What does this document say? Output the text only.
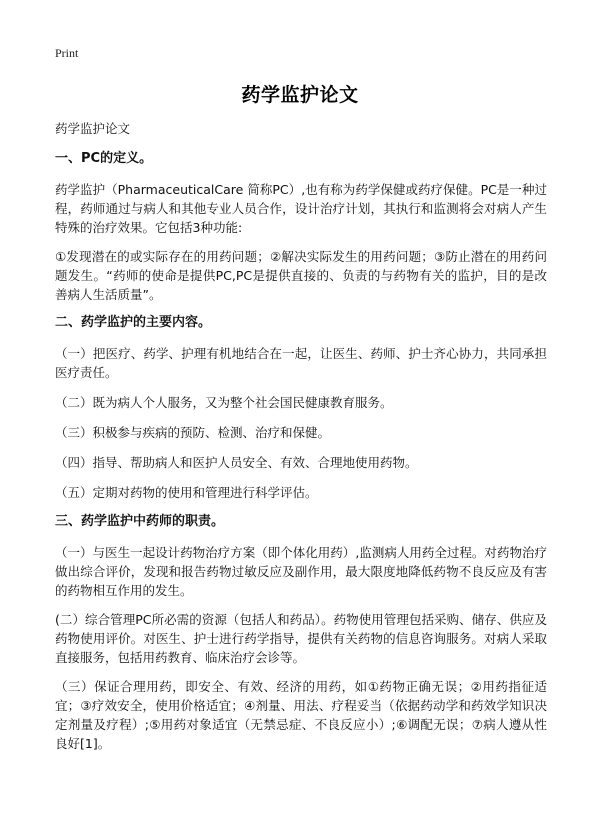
Print
药学监护论文
药学监护论文
一、PC的定义。

药学监护（PharmaceuticalCare 简称PC）,也有称为药学保健或药疗保健。PC是一种过程，药师通过与病人和其他专业人员合作，设计治疗计划，其执行和监测将会对病人产生特殊的治疗效果。它包括3种功能:

①发现潜在的或实际存在的用药问题；②解决实际发生的用药问题；③防止潜在的用药问题发生。“药师的使命是提供PC,PC是提供直接的、负责的与药物有关的监护，目的是改善病人生活质量”。

二、药学监护的主要内容。

（一）把医疗、药学、护理有机地结合在一起，让医生、药师、护士齐心协力，共同承担医疗责任。

（二）既为病人个人服务，又为整个社会国民健康教育服务。

（三）积极参与疾病的预防、检测、治疗和保健。

（四）指导、帮助病人和医护人员安全、有效、合理地使用药物。

（五）定期对药物的使用和管理进行科学评估。

三、药学监护中药师的职责。

（一）与医生一起设计药物治疗方案（即个体化用药）,监测病人用药全过程。对药物治疗做出综合评价，发现和报告药物过敏反应及副作用，最大限度地降低药物不良反应及有害的药物相互作用的发生。

(二）综合管理PC所必需的资源（包括人和药品）。药物使用管理包括采购、储存、供应及药物使用评价。对医生、护士进行药学指导，提供有关药物的信息咨询服务。对病人采取直接服务，包括用药教育、临床治疗会诊等。

（三）保证合理用药，即安全、有效、经济的用药，如①药物正确无误；②用药指征适宜；③疗效安全，使用价格适宜；④剂量、用法、疗程妥当（依据药动学和药效学知识决定剂量及疗程）;⑤用药对象适宜（无禁忌症、不良反应小）;⑥调配无误；⑦病人遵从性良好[1]。
